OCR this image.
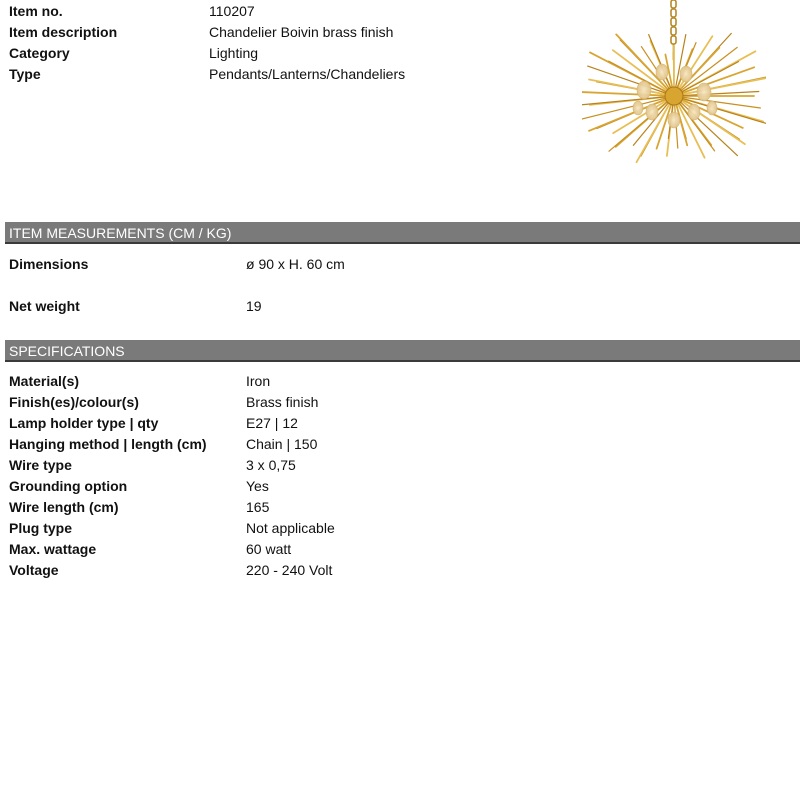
Item no.	110207
Item description	Chandelier Boivin brass finish
Category	Lighting
Type	Pendants/Lanterns/Chandeliers
ITEM MEASUREMENTS (CM / KG)
Dimensions	ø 90 x H. 60 cm
Net weight	19
SPECIFICATIONS
Material(s)	Iron
Finish(es)/colour(s)	Brass finish
Lamp holder type | qty	E27 | 12
Hanging method | length (cm)	Chain | 150
Wire type	3 x 0,75
Grounding option	Yes
Wire length (cm)	165
Plug type	Not applicable
Max. wattage	60 watt
Voltage	220 - 240 Volt
